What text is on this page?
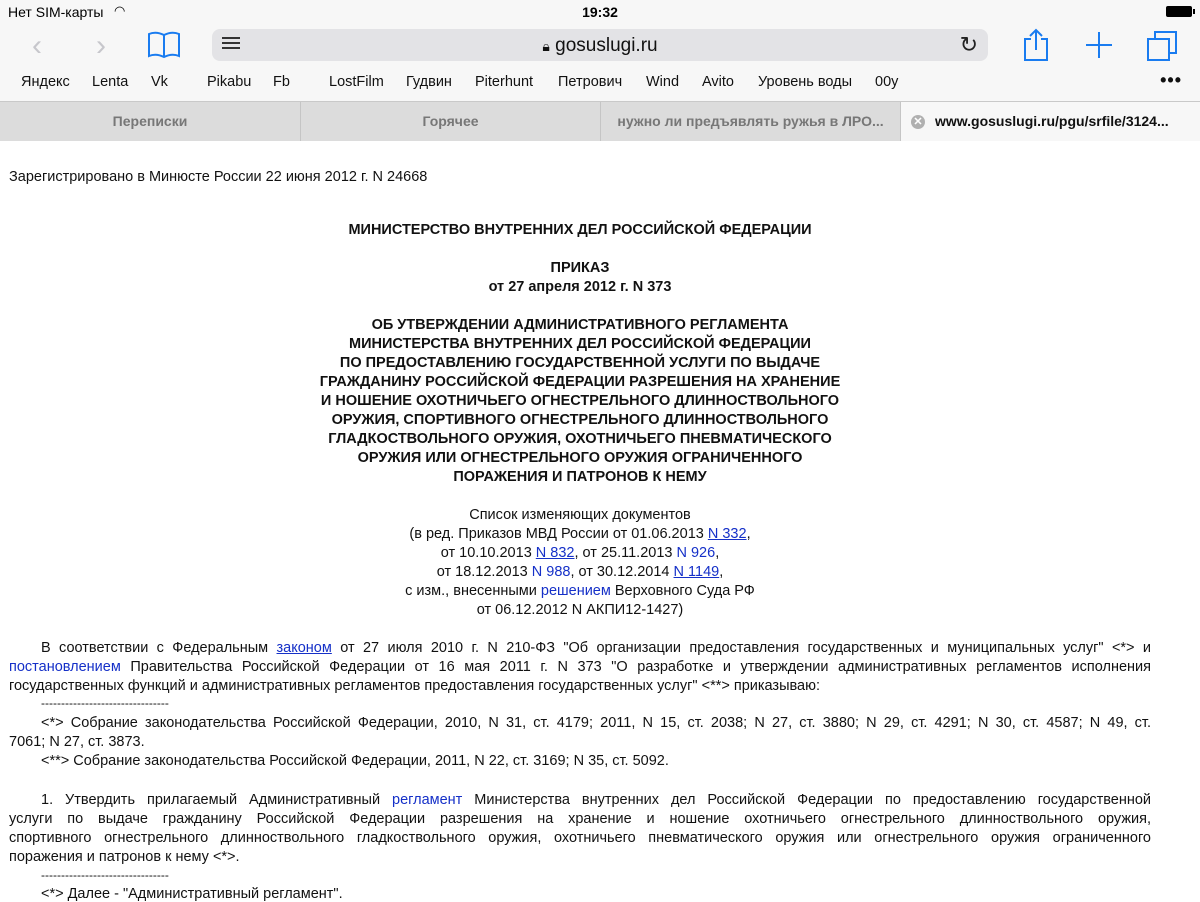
Нет SIM-карты ◠	19:32
‹ ›	🔒︎ gosuslugi.ru	↻
Яндекс Lenta Vk	Pikabu Fb	LostFilm Гудвин Piterhunt Петрович Wind Avito Уровень воды 00у	•••
Переписки	Горячее	нужно ли предъявлять ружья в ЛРО...	✕ www.gosuslugi.ru/pgu/srfile/3124...
Зарегистрировано в Минюсте России 22 июня 2012 г. N 24668
МИНИСТЕРСТВО ВНУТРЕННИХ ДЕЛ РОССИЙСКОЙ ФЕДЕРАЦИИ
ПРИКАЗ
от 27 апреля 2012 г. N 373
ОБ УТВЕРЖДЕНИИ АДМИНИСТРАТИВНОГО РЕГЛАМЕНТА
МИНИСТЕРСТВА ВНУТРЕННИХ ДЕЛ РОССИЙСКОЙ ФЕДЕРАЦИИ
ПО ПРЕДОСТАВЛЕНИЮ ГОСУДАРСТВЕННОЙ УСЛУГИ ПО ВЫДАЧЕ
ГРАЖДАНИНУ РОССИЙСКОЙ ФЕДЕРАЦИИ РАЗРЕШЕНИЯ НА ХРАНЕНИЕ
И НОШЕНИЕ ОХОТНИЧЬЕГО ОГНЕСТРЕЛЬНОГО ДЛИННОСТВОЛЬНОГО
ОРУЖИЯ, СПОРТИВНОГО ОГНЕСТРЕЛЬНОГО ДЛИННОСТВОЛЬНОГО
ГЛАДКОСТВОЛЬНОГО ОРУЖИЯ, ОХОТНИЧЬЕГО ПНЕВМАТИЧЕСКОГО
ОРУЖИЯ ИЛИ ОГНЕСТРЕЛЬНОГО ОРУЖИЯ ОГРАНИЧЕННОГО
ПОРАЖЕНИЯ И ПАТРОНОВ К НЕМУ
Список изменяющих документов
(в ред. Приказов МВД России от 01.06.2013 N 332,
от 10.10.2013 N 832, от 25.11.2013 N 926,
от 18.12.2013 N 988, от 30.12.2014 N 1149,
с изм., внесенными решением Верховного Суда РФ
от 06.12.2012 N АКПИ12-1427)
В соответствии с Федеральным законом от 27 июля 2010 г. N 210-ФЗ "Об организации предоставления государственных и муниципальных услуг" <*> и
постановлением Правительства Российской Федерации от 16 мая 2011 г. N 373 "О разработке и утверждении административных регламентов исполнения
государственных функций и административных регламентов предоставления государственных услуг" <**> приказываю:
--------------------------------
<*> Собрание законодательства Российской Федерации, 2010, N 31, ст. 4179; 2011, N 15, ст. 2038; N 27, ст. 3880; N 29, ст. 4291; N 30, ст. 4587; N 49, ст.
7061; N 27, ст. 3873.
<**> Собрание законодательства Российской Федерации, 2011, N 22, ст. 3169; N 35, ст. 5092.
1. Утвердить прилагаемый Административный регламент Министерства внутренних дел Российской Федерации по предоставлению государственной
услуги по выдаче гражданину Российской Федерации разрешения на хранение и ношение охотничьего огнестрельного длинноствольного оружия,
спортивного огнестрельного длинноствольного гладкоствольного оружия, охотничьего пневматического оружия или огнестрельного оружия ограниченного
поражения и патронов к нему <*>.
--------------------------------
<*> Далее - "Административный регламент".
